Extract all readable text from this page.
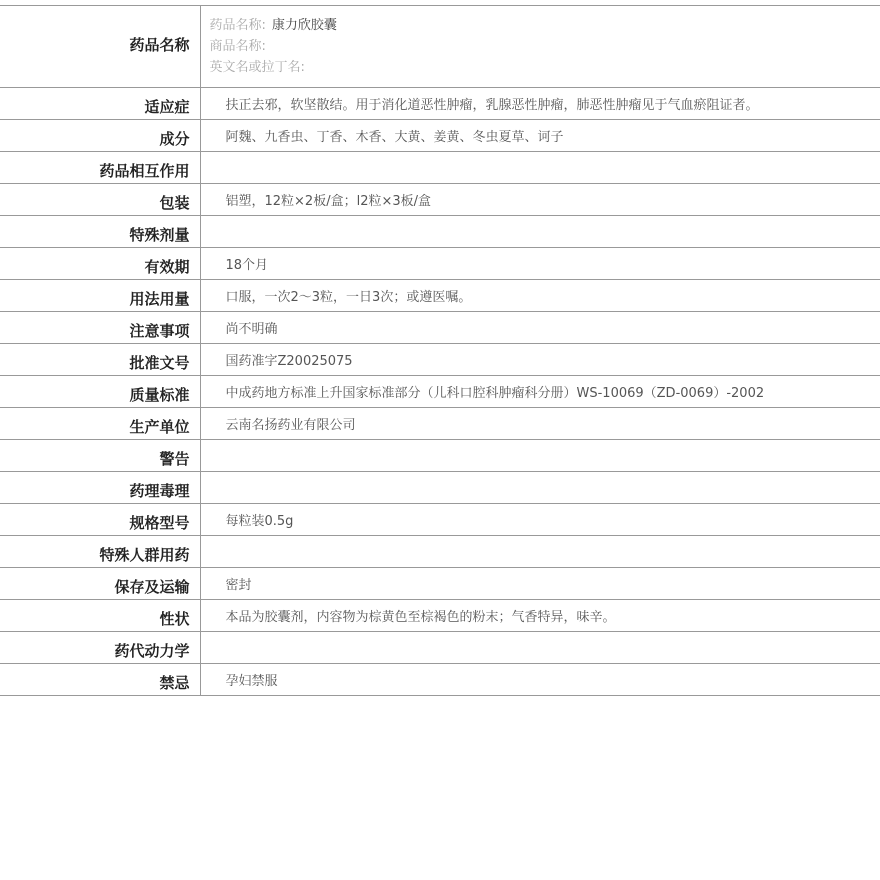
药品名称	药品名称: 康力欣胶囊
商品名称:
英文名或拉丁名:

适应症	扶正去邪，软坚散结。用于消化道恶性肿瘤，乳腺恶性肿瘤，肺恶性肿瘤见于气血瘀阻证者。
成分	阿魏、九香虫、丁香、木香、大黄、姜黄、冬虫夏草、诃子
药品相互作用	
包装	铝塑，12粒×2板/盒；l2粒×3板/盒
特殊剂量	
有效期	18个月
用法用量	口服，一次2～3粒，一日3次；或遵医嘱。
注意事项	尚不明确
批准文号	国药准字Z20025075
质量标准	中成药地方标准上升国家标准部分（儿科口腔科肿瘤科分册）WS-10069（ZD-0069）-2002
生产单位	云南名扬药业有限公司
警告	
药理毒理	
规格型号	每粒装0.5g
特殊人群用药	
保存及运输	密封
性状	本品为胶囊剂，内容物为棕黄色至棕褐色的粉末；气香特异，味辛。
药代动力学	
禁忌	孕妇禁服
